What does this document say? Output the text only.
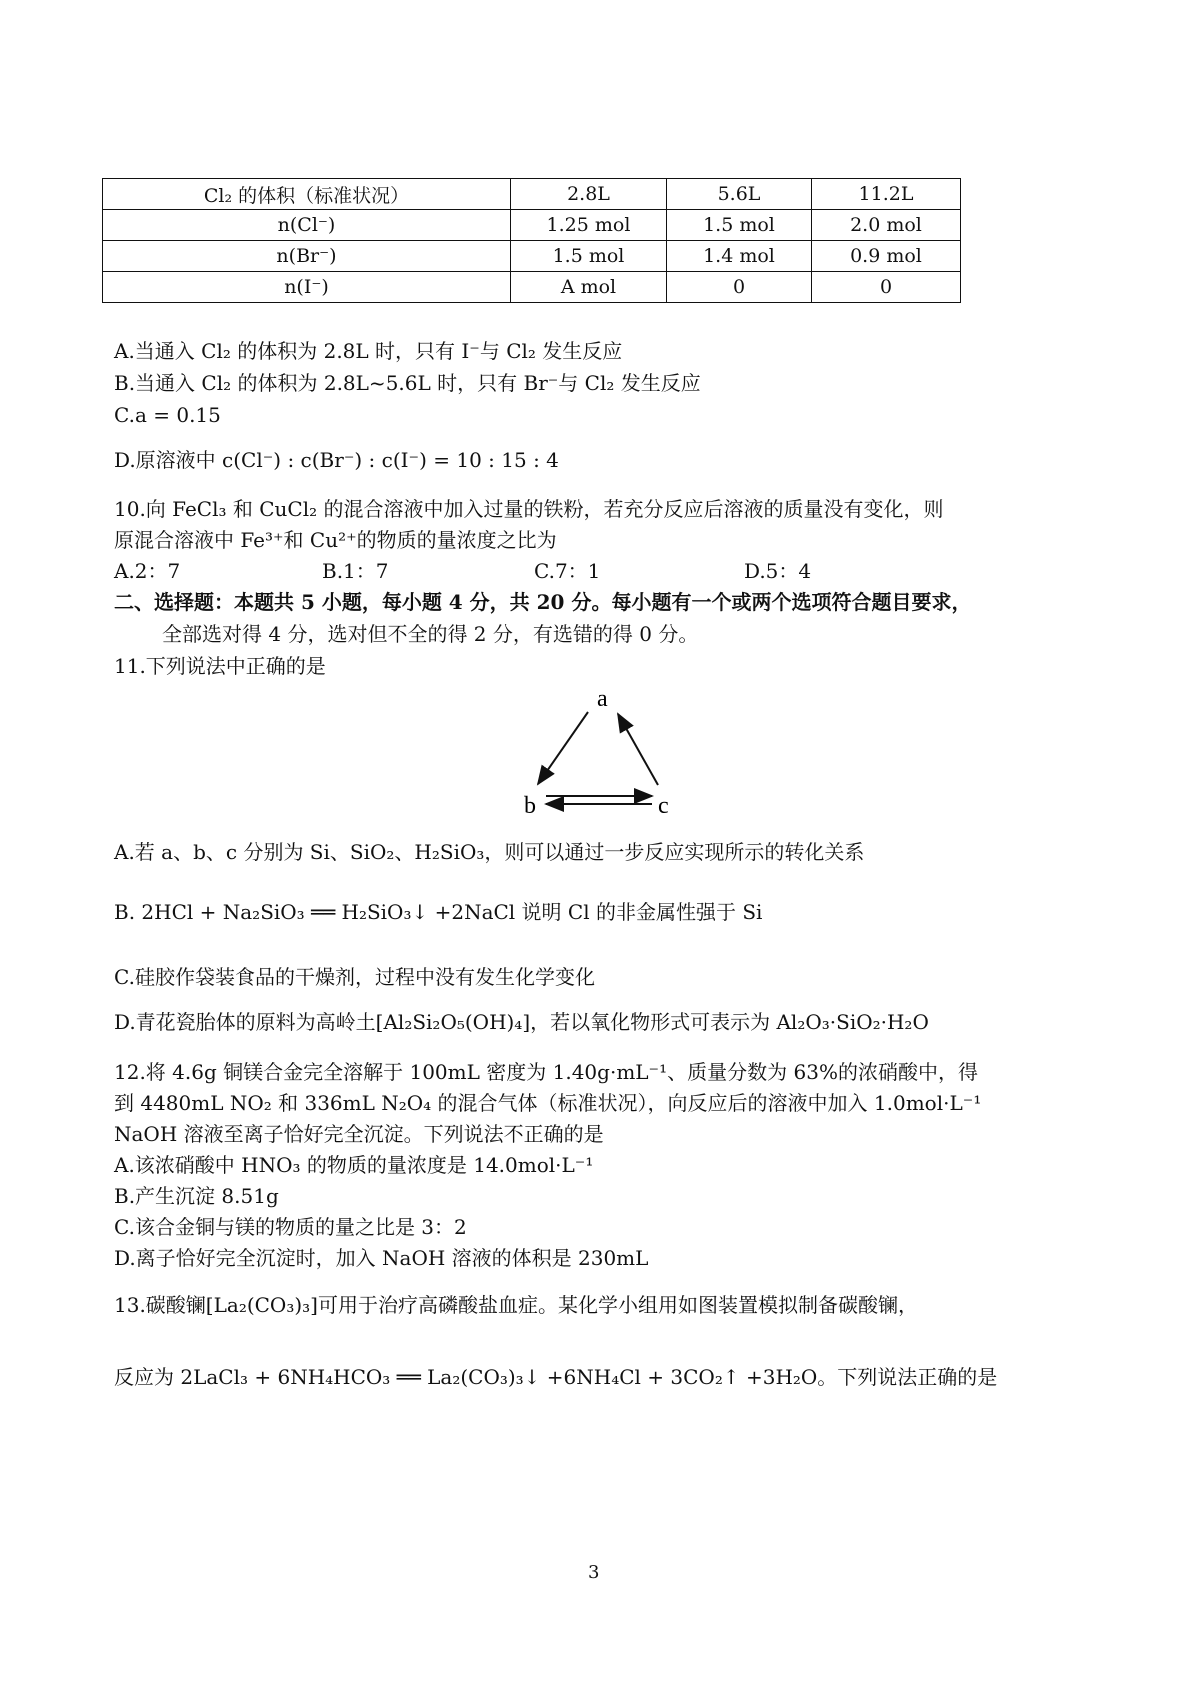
Cl₂ 的体积（标准状况）	2.8L	5.6L	11.2L
n(Cl⁻)	1.25 mol	1.5 mol	2.0 mol
n(Br⁻)	1.5 mol	1.4 mol	0.9 mol
n(I⁻)	A mol	0	0
A.当通入 Cl₂ 的体积为 2.8L 时，只有 I⁻与 Cl₂ 发生反应
B.当通入 Cl₂ 的体积为 2.8L~5.6L 时，只有 Br⁻与 Cl₂ 发生反应
C.a = 0.15
D.原溶液中 c(Cl⁻) : c(Br⁻) : c(I⁻) = 10 : 15 : 4
10.向 FeCl₃ 和 CuCl₂ 的混合溶液中加入过量的铁粉，若充分反应后溶液的质量没有变化，则
原混合溶液中 Fe³⁺和 Cu²⁺的物质的量浓度之比为
A.2：7	B.1：7	C.7：1	D.5：4
二、选择题：本题共 5 小题，每小题 4 分，共 20 分。每小题有一个或两个选项符合题目要求，
全部选对得 4 分，选对但不全的得 2 分，有选错的得 0 分。
11.下列说法中正确的是
a
b	c
A.若 a、b、c 分别为 Si、SiO₂、H₂SiO₃，则可以通过一步反应实现所示的转化关系
B. 2HCl + Na₂SiO₃ ══ H₂SiO₃↓ +2NaCl 说明 Cl 的非金属性强于 Si
C.硅胶作袋装食品的干燥剂，过程中没有发生化学变化
D.青花瓷胎体的原料为高岭土[Al₂Si₂O₅(OH)₄]，若以氧化物形式可表示为 Al₂O₃·SiO₂·H₂O
12.将 4.6g 铜镁合金完全溶解于 100mL 密度为 1.40g·mL⁻¹、质量分数为 63%的浓硝酸中，得
到 4480mL NO₂ 和 336mL N₂O₄ 的混合气体（标准状况），向反应后的溶液中加入 1.0mol·L⁻¹
NaOH 溶液至离子恰好完全沉淀。下列说法不正确的是
A.该浓硝酸中 HNO₃ 的物质的量浓度是 14.0mol·L⁻¹
B.产生沉淀 8.51g
C.该合金铜与镁的物质的量之比是 3：2
D.离子恰好完全沉淀时，加入 NaOH 溶液的体积是 230mL
13.碳酸镧[La₂(CO₃)₃]可用于治疗高磷酸盐血症。某化学小组用如图装置模拟制备碳酸镧，
反应为 2LaCl₃ + 6NH₄HCO₃ ══ La₂(CO₃)₃↓ +6NH₄Cl + 3CO₂↑ +3H₂O。下列说法正确的是
3
